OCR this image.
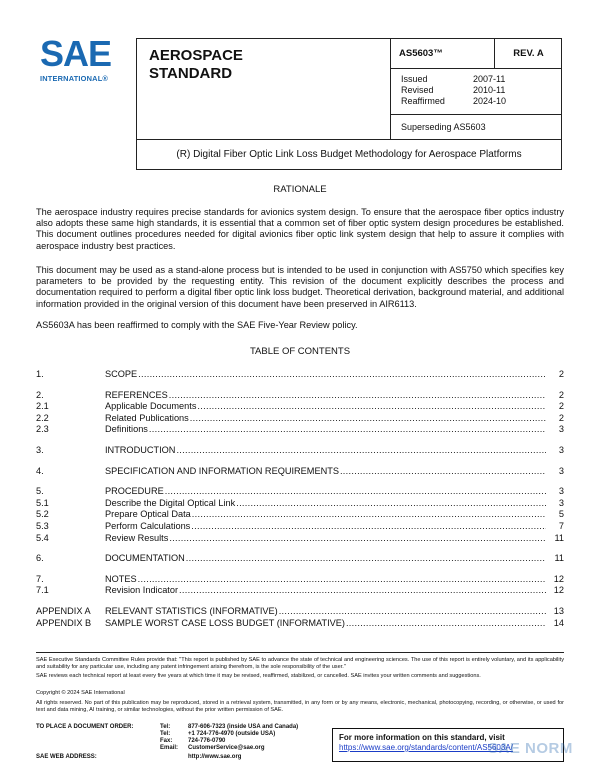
SAE
INTERNATIONAL®
AEROSPACE
STANDARD
AS5603™	REV. A
Issued	2007-11
Revised	2010-11
Reaffirmed	2024-10
Superseding AS5603
(R) Digital Fiber Optic Link Loss Budget Methodology for Aerospace Platforms
RATIONALE
The aerospace industry requires precise standards for avionics system design. To ensure that the aerospace fiber optics industry also adopts these same high standards, it is essential that a common set of fiber optic system design procedures be established. This document outlines procedures needed for digital avionics fiber optic link system design that help to assure it complies with aerospace industry best practices.
This document may be used as a stand-alone process but is intended to be used in conjunction with AS5750 which specifies key parameters to be provided by the requesting entity. This revision of the document explicitly describes the process and documentation required to perform a digital fiber optic link loss budget. Theoretical derivation, background material, and additional information provided in the original version of this document have been preserved in AIR6113.
AS5603A has been reaffirmed to comply with the SAE Five-Year Review policy.
TABLE OF CONTENTS
1.	SCOPE .....	2
2.	REFERENCES .....	2
2.1	Applicable Documents .....	2
2.2	Related Publications .....	2
2.3	Definitions .....	3
3.	INTRODUCTION .....	3
4.	SPECIFICATION AND INFORMATION REQUIREMENTS .....	3
5.	PROCEDURE .....	3
5.1	Describe the Digital Optical Link .....	3
5.2	Prepare Optical Data .....	5
5.3	Perform Calculations .....	7
5.4	Review Results .....	11
6.	DOCUMENTATION .....	11
7.	NOTES .....	12
7.1	Revision Indicator .....	12
APPENDIX A	RELEVANT STATISTICS (INFORMATIVE) .....	13
APPENDIX B	SAMPLE WORST CASE LOSS BUDGET (INFORMATIVE) .....	14
SAE Executive Standards Committee Rules provide that: "This report is published by SAE to advance the state of technical and engineering sciences. The use of this report is entirely voluntary, and its applicability and suitability for any particular use, including any patent infringement arising therefrom, is the sole responsibility of the user."
SAE reviews each technical report at least every five years at which time it may be revised, reaffirmed, stabilized, or cancelled. SAE invites your written comments and suggestions.
Copyright © 2024 SAE International
All rights reserved. No part of this publication may be reproduced, stored in a retrieval system, transmitted, in any form or by any means, electronic, mechanical, photocopying, recording, or otherwise, or used for text and data mining, AI training, or similar technologies, without the prior written permission of SAE.
TO PLACE A DOCUMENT ORDER:	Tel:	877-606-7323 (inside USA and Canada)
Tel:	+1 724-776-4970 (outside USA)
Fax:	724-776-0790
Email:	CustomerService@sae.org
SAE WEB ADDRESS:	http://www.sae.org
For more information on this standard, visit
https://www.sae.org/standards/content/AS5603A/
SAE NORM
